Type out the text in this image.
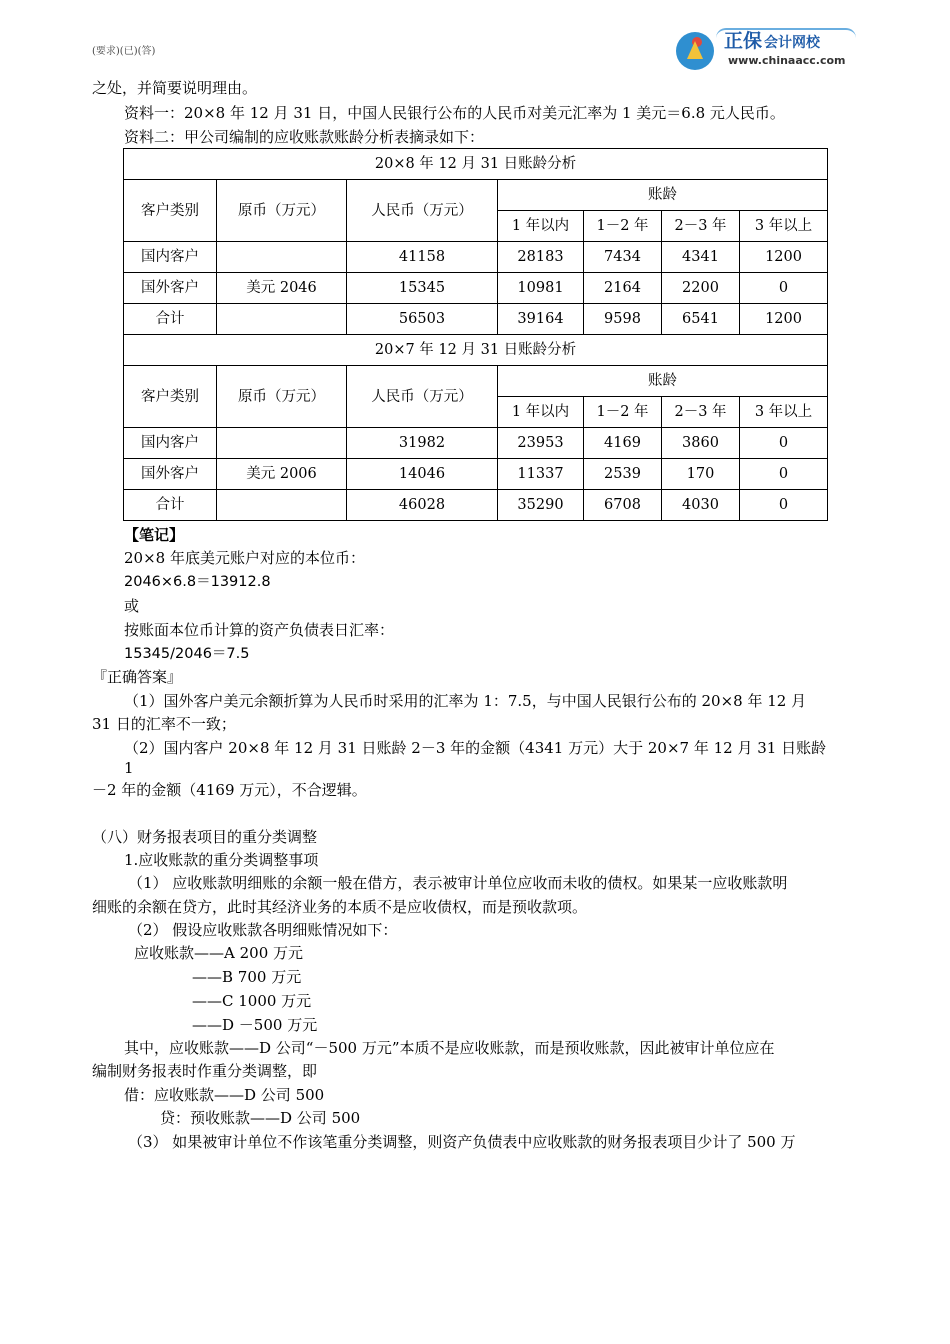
正保 会计网校
www.chinaacc.com
(要求)(已)(答)
之处，并简要说明理由。
资料一：20×8 年 12 月 31 日，中国人民银行公布的人民币对美元汇率为 1 美元＝6.8 元人民币。
资料二：甲公司编制的应收账款账龄分析表摘录如下：
20×8 年 12 月 31 日账龄分析						
客户类别	原币（万元）	人民币（万元）	账龄			
			1 年以内	1－2 年	2－3 年	3 年以上
国内客户		41158	28183	7434	4341	1200
国外客户	美元 2046	15345	10981	2164	2200	0
合计		56503	39164	9598	6541	1200
20×7 年 12 月 31 日账龄分析						
客户类别	原币（万元）	人民币（万元）	账龄			
			1 年以内	1－2 年	2－3 年	3 年以上
国内客户		31982	23953	4169	3860	0
国外客户	美元 2006	14046	11337	2539	170	0
合计		46028	35290	6708	4030	0
【笔记】
20×8 年底美元账户对应的本位币：
2046×6.8＝13912.8
或
按账面本位币计算的资产负债表日汇率：
15345/2046＝7.5
『正确答案』
（1）国外客户美元余额折算为人民币时采用的汇率为 1：7.5，与中国人民银行公布的 20×8 年 12 月
31 日的汇率不一致；
（2）国内客户 20×8 年 12 月 31 日账龄 2－3 年的金额（4341 万元）大于 20×7 年 12 月 31 日账龄
1
－2 年的金额（4169 万元），不合逻辑。
（八）财务报表项目的重分类调整
1.应收账款的重分类调整事项
（1） 应收账款明细账的余额一般在借方，表示被审计单位应收而未收的债权。如果某一应收账款明
细账的余额在贷方，此时其经济业务的本质不是应收债权，而是预收款项。
（2） 假设应收账款各明细账情况如下：
应收账款——A 200 万元
——B 700 万元
——C 1000 万元
——D －500 万元
其中，应收账款——D 公司“－500 万元”本质不是应收账款，而是预收账款，因此被审计单位应在
编制财务报表时作重分类调整，即
借：应收账款——D 公司 500
贷：预收账款——D 公司 500
（3） 如果被审计单位不作该笔重分类调整，则资产负债表中应收账款的财务报表项目少计了 500 万
